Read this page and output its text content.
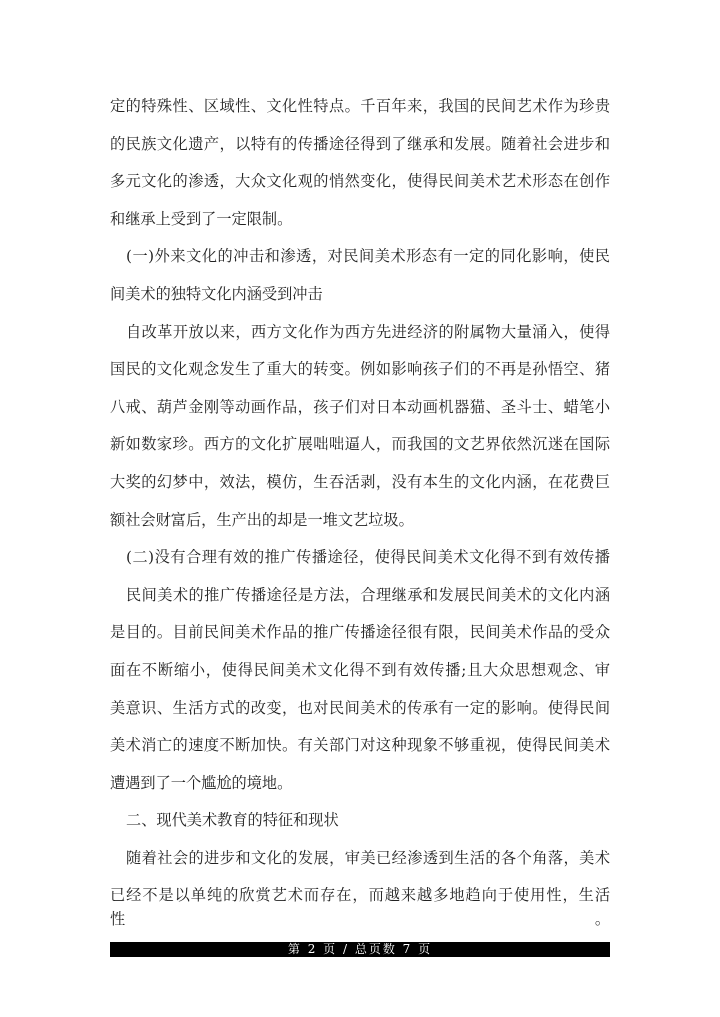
定的特殊性、区域性、文化性特点。千百年来，我国的民间艺术作为珍贵
的民族文化遗产，以特有的传播途径得到了继承和发展。随着社会进步和
多元文化的渗透，大众文化观的悄然变化，使得民间美术艺术形态在创作
和继承上受到了一定限制。
(一)外来文化的冲击和渗透，对民间美术形态有一定的同化影响，使民
间美术的独特文化内涵受到冲击
自改革开放以来，西方文化作为西方先进经济的附属物大量涌入，使得
国民的文化观念发生了重大的转变。例如影响孩子们的不再是孙悟空、猪
八戒、葫芦金刚等动画作品，孩子们对日本动画机器猫、圣斗士、蜡笔小
新如数家珍。西方的文化扩展咄咄逼人，而我国的文艺界依然沉迷在国际
大奖的幻梦中，效法，模仿，生吞活剥，没有本生的文化内涵，在花费巨
额社会财富后，生产出的却是一堆文艺垃圾。
(二)没有合理有效的推广传播途径，使得民间美术文化得不到有效传播
民间美术的推广传播途径是方法，合理继承和发展民间美术的文化内涵
是目的。目前民间美术作品的推广传播途径很有限，民间美术作品的受众
面在不断缩小，使得民间美术文化得不到有效传播;且大众思想观念、审
美意识、生活方式的改变，也对民间美术的传承有一定的影响。使得民间
美术消亡的速度不断加快。有关部门对这种现象不够重视，使得民间美术
遭遇到了一个尴尬的境地。
二、现代美术教育的特征和现状
随着社会的进步和文化的发展，审美已经渗透到生活的各个角落，美术
已经不是以单纯的欣赏艺术而存在，而越来越多地趋向于使用性，生活性。
第 2 页 / 总页数 7 页
